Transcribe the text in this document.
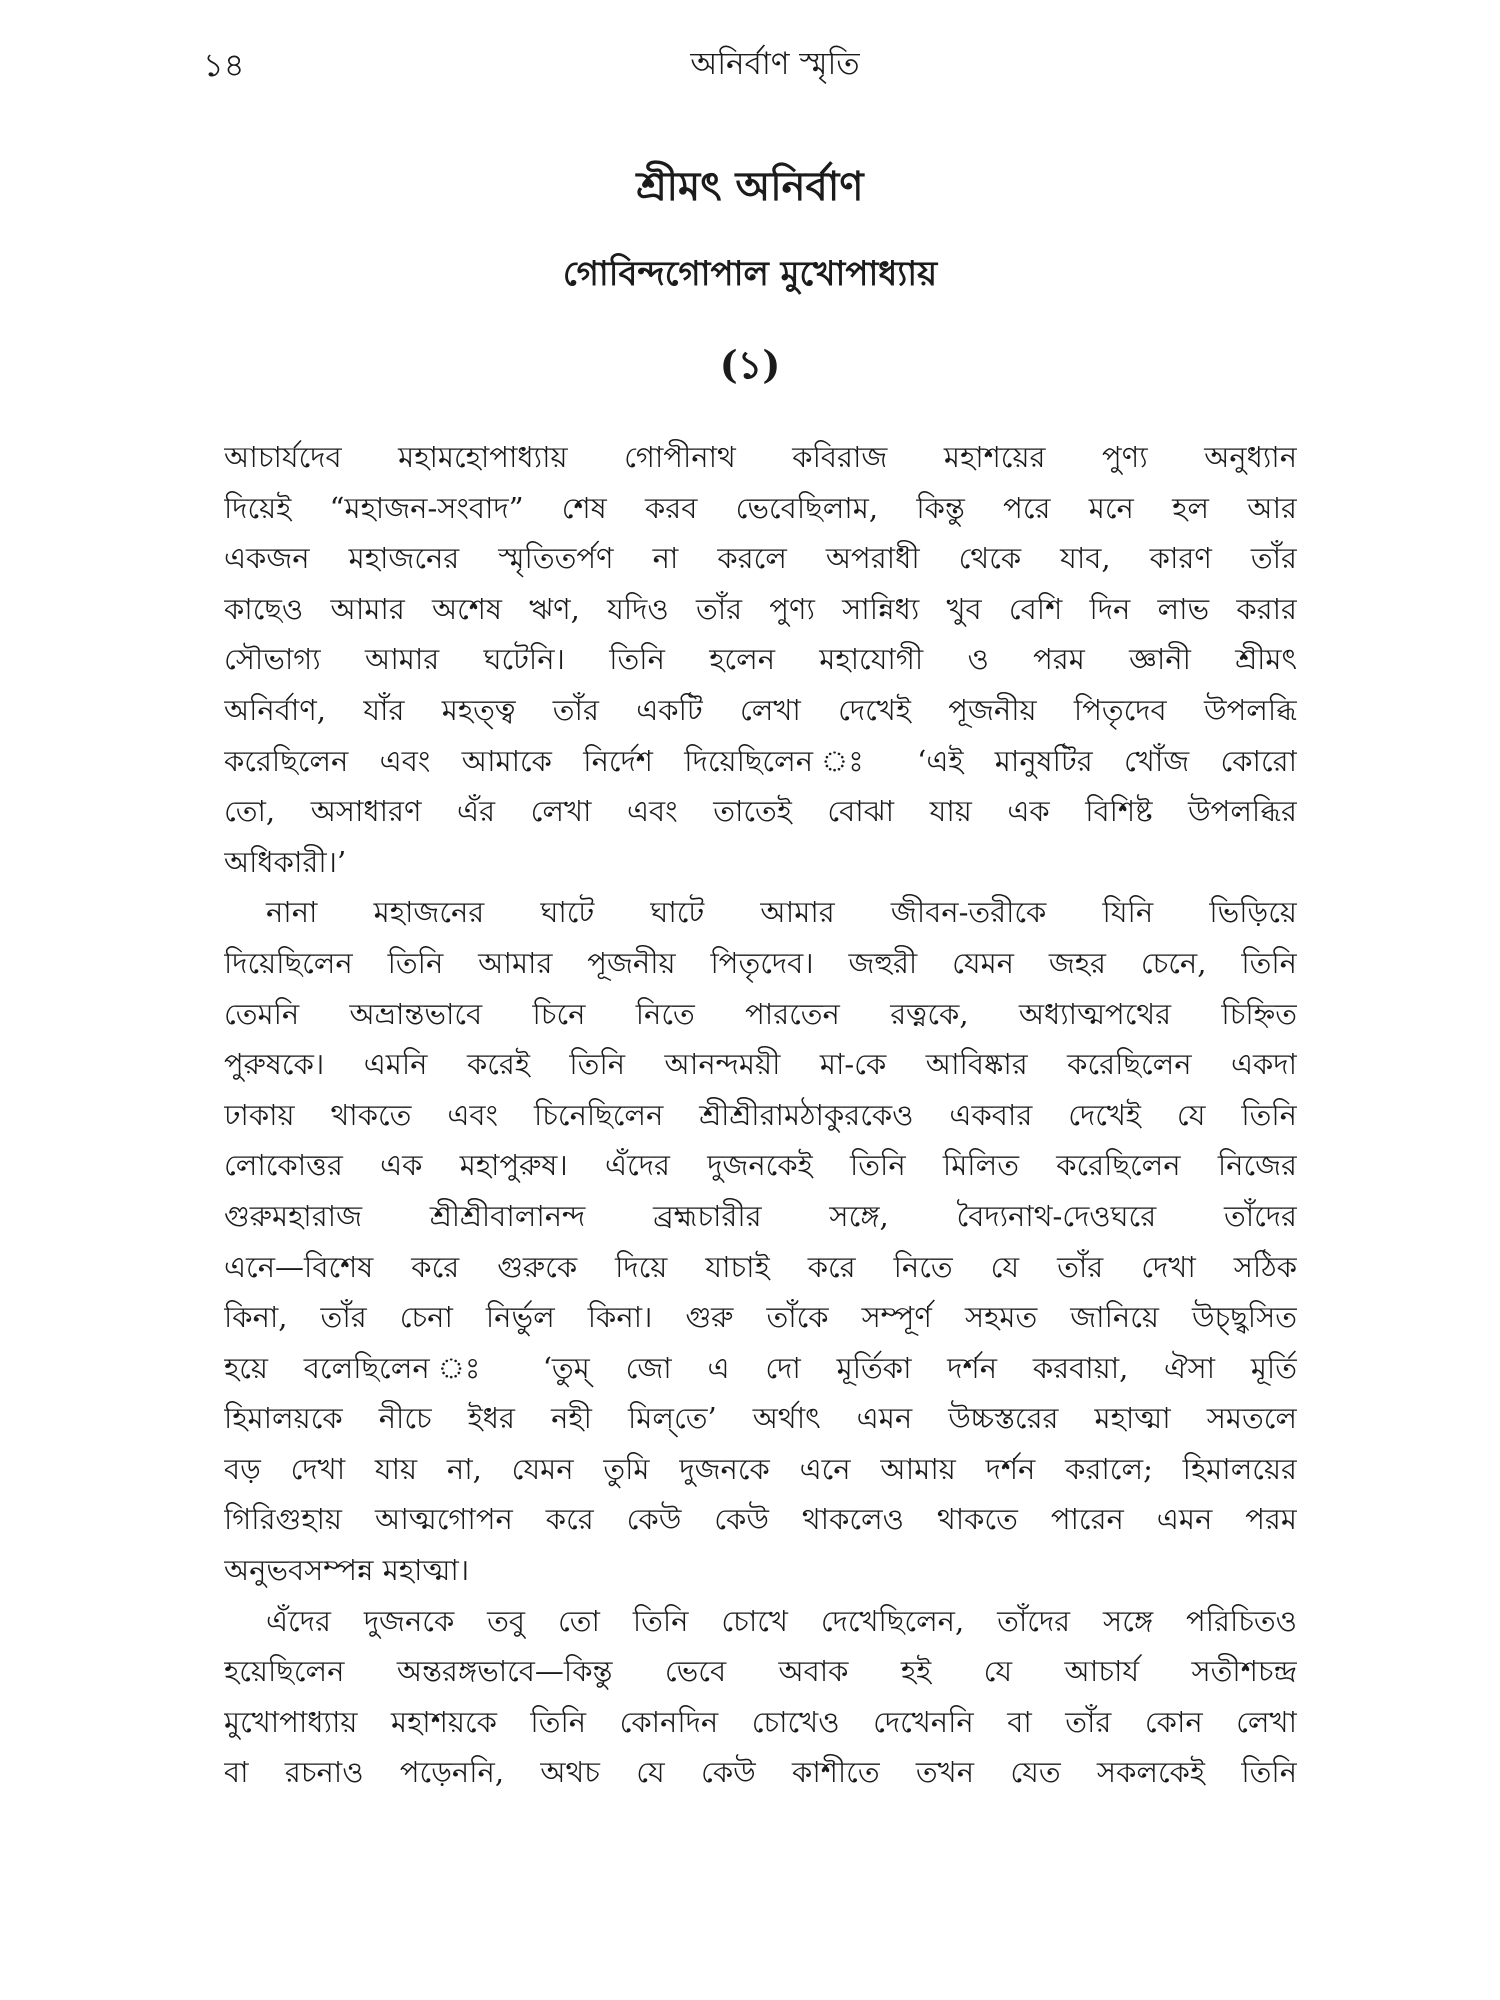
১৪	অনির্বাণ স্মৃতি
শ্রীমৎ অনির্বাণ
গোবিন্দগোপাল মুখোপাধ্যায়
(১)
আচার্যদেব মহামহোপাধ্যায় গোপীনাথ কবিরাজ মহাশয়ের পুণ্য অনুধ্যান
দিয়েই “মহাজন-সংবাদ” শেষ করব ভেবেছিলাম, কিন্তু পরে মনে হল আর
একজন মহাজনের স্মৃতিতর্পণ না করলে অপরাধী থেকে যাব, কারণ তাঁর
কাছেও আমার অশেষ ঋণ, যদিও তাঁর পুণ্য সান্নিধ্য খুব বেশি দিন লাভ করার
সৌভাগ্য আমার ঘটেনি। তিনি হলেন মহাযোগী ও পরম জ্ঞানী শ্রীমৎ
অনির্বাণ, যাঁর মহত্ত্ব তাঁর একটি লেখা দেখেই পূজনীয় পিতৃদেব উপলব্ধি
করেছিলেন এবং আমাকে নির্দেশ দিয়েছিলেন ঃ ‘এই মানুষটির খোঁজ কোরো
তো, অসাধারণ এঁর লেখা এবং তাতেই বোঝা যায় এক বিশিষ্ট উপলব্ধির
অধিকারী।’
নানা মহাজনের ঘাটে ঘাটে আমার জীবন-তরীকে যিনি ভিড়িয়ে
দিয়েছিলেন তিনি আমার পূজনীয় পিতৃদেব। জহুরী যেমন জহর চেনে, তিনি
তেমনি অভ্রান্তভাবে চিনে নিতে পারতেন রত্নকে, অধ্যাত্মপথের চিহ্নিত
পুরুষকে। এমনি করেই তিনি আনন্দময়ী মা-কে আবিষ্কার করেছিলেন একদা
ঢাকায় থাকতে এবং চিনেছিলেন শ্রীশ্রীরামঠাকুরকেও একবার দেখেই যে তিনি
লোকোত্তর এক মহাপুরুষ। এঁদের দুজনকেই তিনি মিলিত করেছিলেন নিজের
গুরুমহারাজ শ্রীশ্রীবালানন্দ ব্রহ্মচারীর সঙ্গে, বৈদ্যনাথ-দেওঘরে তাঁদের
এনে—বিশেষ করে গুরুকে দিয়ে যাচাই করে নিতে যে তাঁর দেখা সঠিক
কিনা, তাঁর চেনা নির্ভুল কিনা। গুরু তাঁকে সম্পূর্ণ সহমত জানিয়ে উচ্ছ্বসিত
হয়ে বলেছিলেন ঃ ‘তুম্ জো এ দো মূর্তিকা দর্শন করবায়া, ঐসা মূর্তি
হিমালয়কে নীচে ইধর নহী মিল্‌তে’ অর্থাৎ এমন উচ্চস্তরের মহাত্মা সমতলে
বড় দেখা যায় না, যেমন তুমি দুজনকে এনে আমায় দর্শন করালে; হিমালয়ের
গিরিগুহায় আত্মগোপন করে কেউ কেউ থাকলেও থাকতে পারেন এমন পরম
অনুভবসম্পন্ন মহাত্মা।
এঁদের দুজনকে তবু তো তিনি চোখে দেখেছিলেন, তাঁদের সঙ্গে পরিচিতও
হয়েছিলেন অন্তরঙ্গভাবে—কিন্তু ভেবে অবাক হই যে আচার্য সতীশচন্দ্র
মুখোপাধ্যায় মহাশয়কে তিনি কোনদিন চোখেও দেখেননি বা তাঁর কোন লেখা
বা রচনাও পড়েননি, অথচ যে কেউ কাশীতে তখন যেত সকলকেই তিনি
